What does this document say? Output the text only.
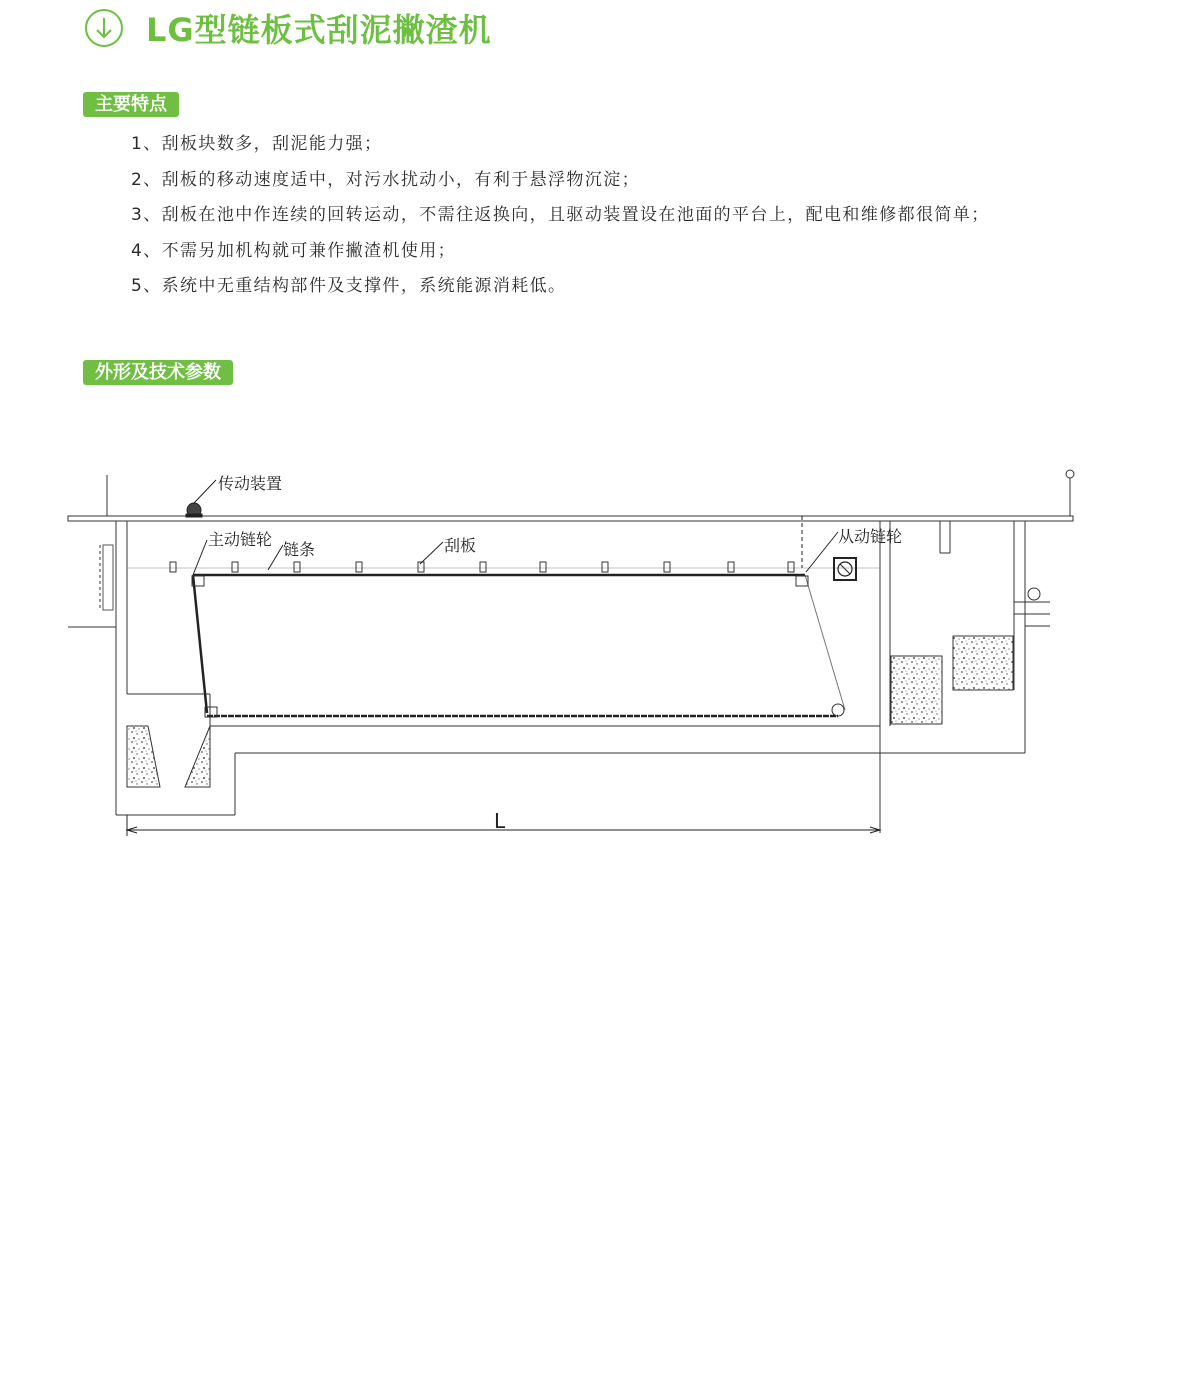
LG型链板式刮泥撇渣机
主要特点
1、刮板块数多，刮泥能力强；
2、刮板的移动速度适中，对污水扰动小，有利于悬浮物沉淀；
3、刮板在池中作连续的回转运动，不需往返换向，且驱动装置设在池面的平台上，配电和维修都很简单；
4、不需另加机构就可兼作撇渣机使用；
5、系统中无重结构部件及支撑件，系统能源消耗低。
外形及技术参数
传动装置
主动链轮
链条	刮板	从动链轮
L
